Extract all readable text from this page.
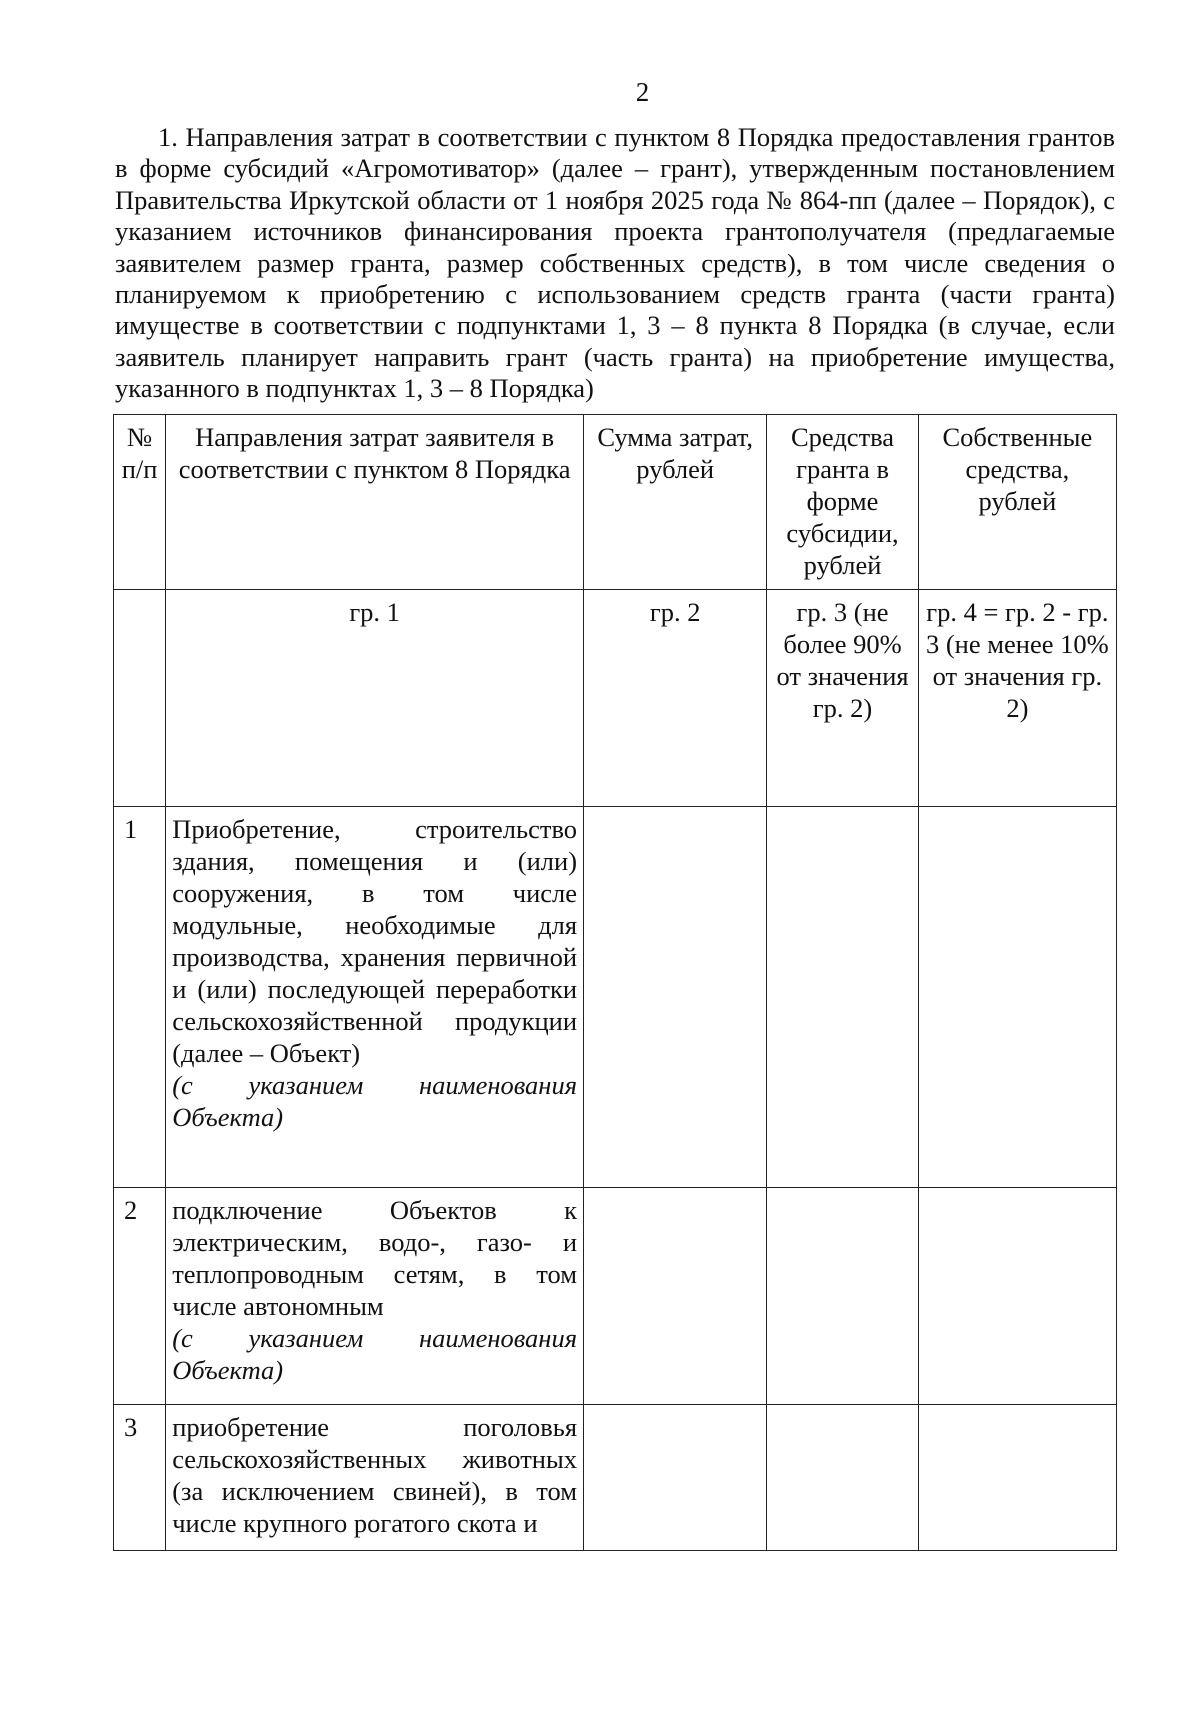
2

1. Направления затрат в соответствии с пунктом 8 Порядка предоставления грантов в форме субсидий «Агромотиватор» (далее – грант), утвержденным постановлением Правительства Иркутской области от 1 ноября 2025 года № 864-пп (далее – Порядок), с указанием источников финансирования проекта грантополучателя (предлагаемые заявителем размер гранта, размер собственных средств), в том числе сведения о планируемом к приобретению с использованием средств гранта (части гранта) имуществе в соответствии с подпунктами 1, 3 – 8 пункта 8 Порядка (в случае, если заявитель планирует направить грант (часть гранта) на приобретение имущества, указанного в подпунктах 1, 3 – 8 Порядка)

№ п/п	Направления затрат заявителя в соответствии с пунктом 8 Порядка	Сумма затрат, рублей	Средства гранта в форме субсидии, рублей	Собственные средства, рублей
	гр. 1	гр. 2	гр. 3 (не более 90% от значения гр. 2)	гр. 4 = гр. 2 - гр. 3 (не менее 10% от значения гр. 2)
1	Приобретение, строительство здания, помещения и (или) сооружения, в том числе модульные, необходимые для производства, хранения первичной и (или) последующей переработки сельскохозяйственной продукции (далее – Объект)
(с указанием наименования Объекта)			

2	подключение Объектов к электрическим, водо-, газо- и теплопроводным сетям, в том числе автономным
(с указанием наименования Объекта)			

3	приобретение поголовья сельскохозяйственных животных (за исключением свиней), в том числе крупного рогатого скота и			
